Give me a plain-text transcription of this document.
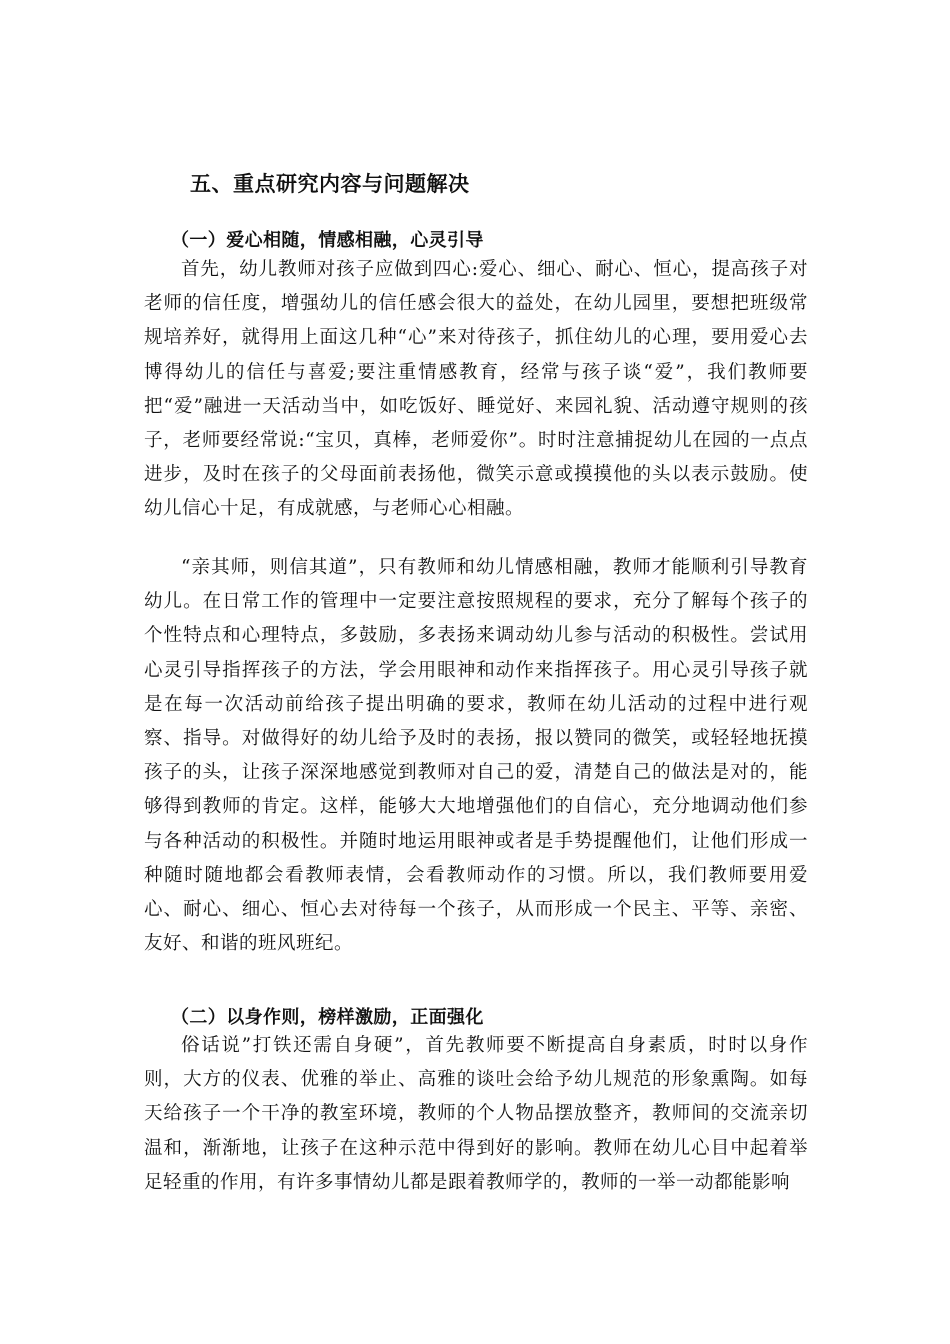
五、重点研究内容与问题解决
（一）爱心相随，情感相融，心灵引导

首先，幼儿教师对孩子应做到四心:爱心、细心、耐心、恒心，提高孩子对老师的信任度，增强幼儿的信任感会很大的益处，在幼儿园里，要想把班级常规培养好，就得用上面这几种“心”来对待孩子，抓住幼儿的心理，要用爱心去博得幼儿的信任与喜爱;要注重情感教育，经常与孩子谈“爱”，我们教师要把“爱”融进一天活动当中，如吃饭好、睡觉好、来园礼貌、活动遵守规则的孩子，老师要经常说:“宝贝，真棒，老师爱你”。时时注意捕捉幼儿在园的一点点进步，及时在孩子的父母面前表扬他，微笑示意或摸摸他的头以表示鼓励。使幼儿信心十足，有成就感，与老师心心相融。

“亲其师，则信其道”，只有教师和幼儿情感相融，教师才能顺利引导教育幼儿。在日常工作的管理中一定要注意按照规程的要求，充分了解每个孩子的个性特点和心理特点，多鼓励，多表扬来调动幼儿参与活动的积极性。尝试用心灵引导指挥孩子的方法，学会用眼神和动作来指挥孩子。用心灵引导孩子就是在每一次活动前给孩子提出明确的要求，教师在幼儿活动的过程中进行观察、指导。对做得好的幼儿给予及时的表扬，报以赞同的微笑，或轻轻地抚摸孩子的头，让孩子深深地感觉到教师对自己的爱，清楚自己的做法是对的，能够得到教师的肯定。这样，能够大大地增强他们的自信心，充分地调动他们参与各种活动的积极性。并随时地运用眼神或者是手势提醒他们，让他们形成一种随时随地都会看教师表情，会看教师动作的习惯。所以，我们教师要用爱心、耐心、细心、恒心去对待每一个孩子，从而形成一个民主、平等、亲密、友好、和谐的班风班纪。

（二）以身作则，榜样激励，正面强化

俗话说”打铁还需自身硬”，首先教师要不断提高自身素质，时时以身作则，大方的仪表、优雅的举止、高雅的谈吐会给予幼儿规范的形象熏陶。如每天给孩子一个干净的教室环境，教师的个人物品摆放整齐，教师间的交流亲切温和，渐渐地，让孩子在这种示范中得到好的影响。教师在幼儿心目中起着举足轻重的作用，有许多事情幼儿都是跟着教师学的，教师的一举一动都能影响
